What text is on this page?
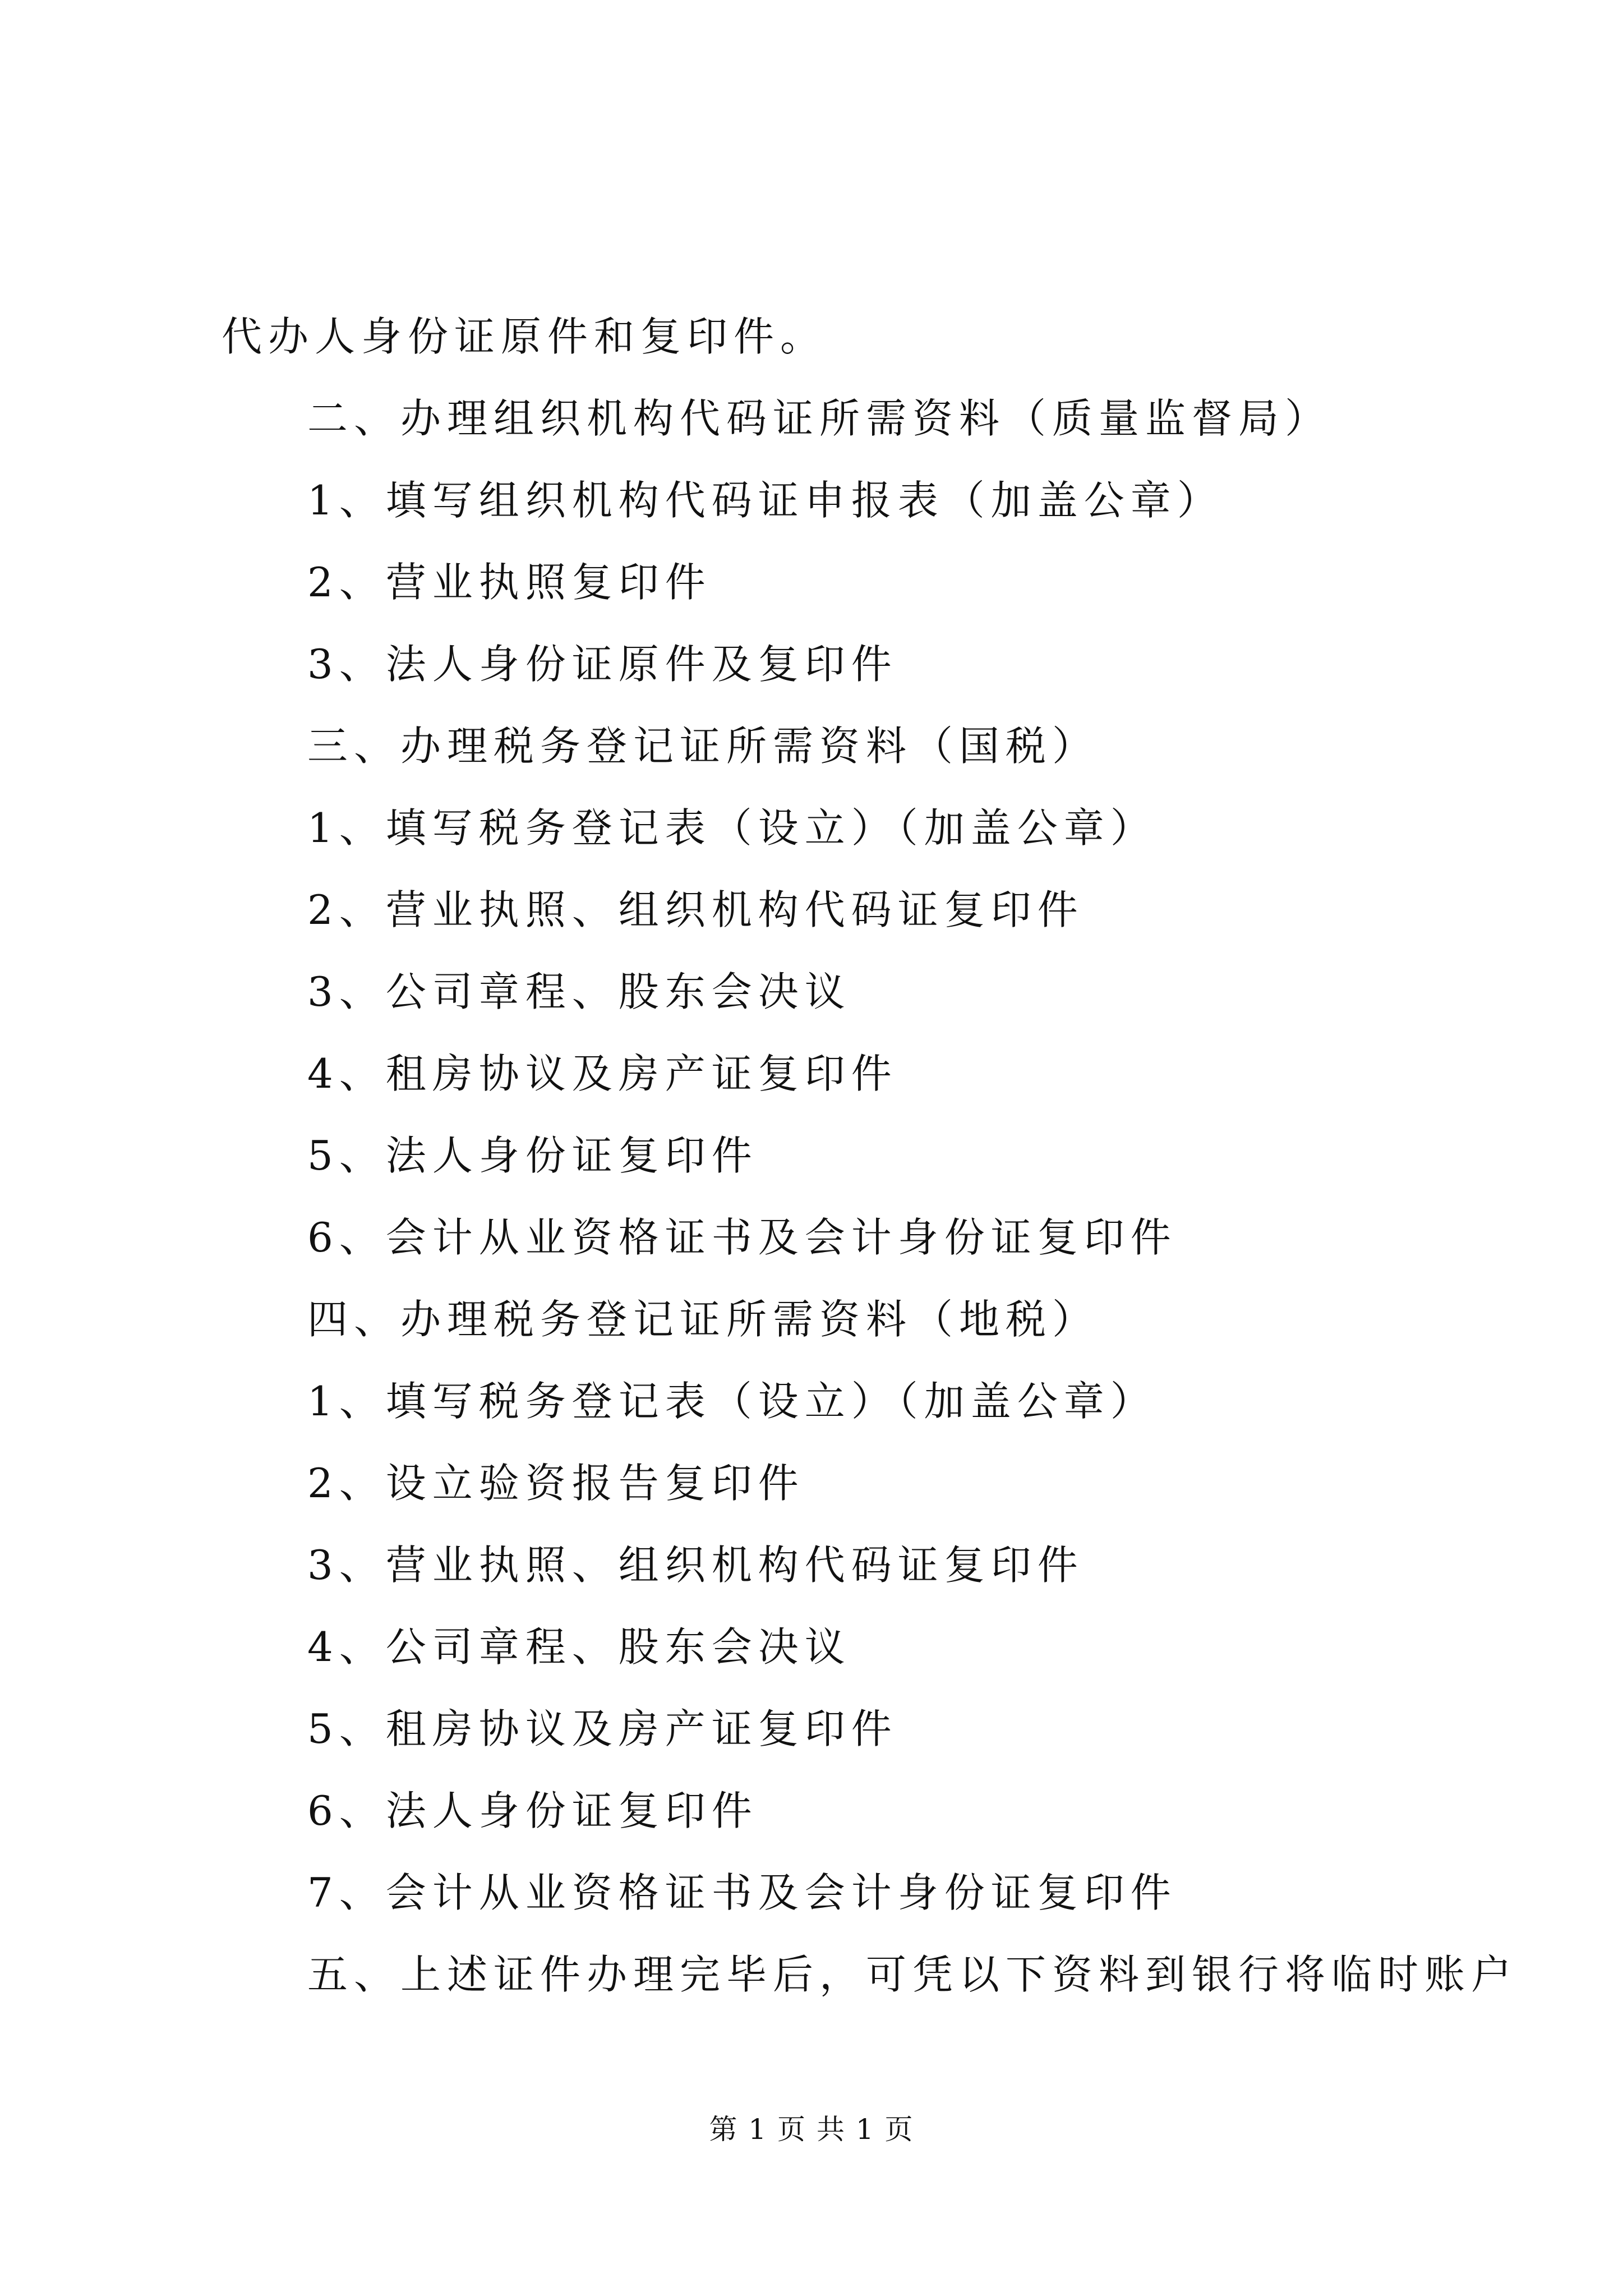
代办人身份证原件和复印件。
二、办理组织机构代码证所需资料（质量监督局）
1、填写组织机构代码证申报表（加盖公章）
2、营业执照复印件
3、法人身份证原件及复印件
三、办理税务登记证所需资料（国税）
1、填写税务登记表（设立）（加盖公章）
2、营业执照、组织机构代码证复印件
3、公司章程、股东会决议
4、租房协议及房产证复印件
5、法人身份证复印件
6、会计从业资格证书及会计身份证复印件
四、办理税务登记证所需资料（地税）
1、填写税务登记表（设立）（加盖公章）
2、设立验资报告复印件
3、营业执照、组织机构代码证复印件
4、公司章程、股东会决议
5、租房协议及房产证复印件
6、法人身份证复印件
7、会计从业资格证书及会计身份证复印件
五、上述证件办理完毕后，可凭以下资料到银行将临时账户
第 1 页 共 1 页
